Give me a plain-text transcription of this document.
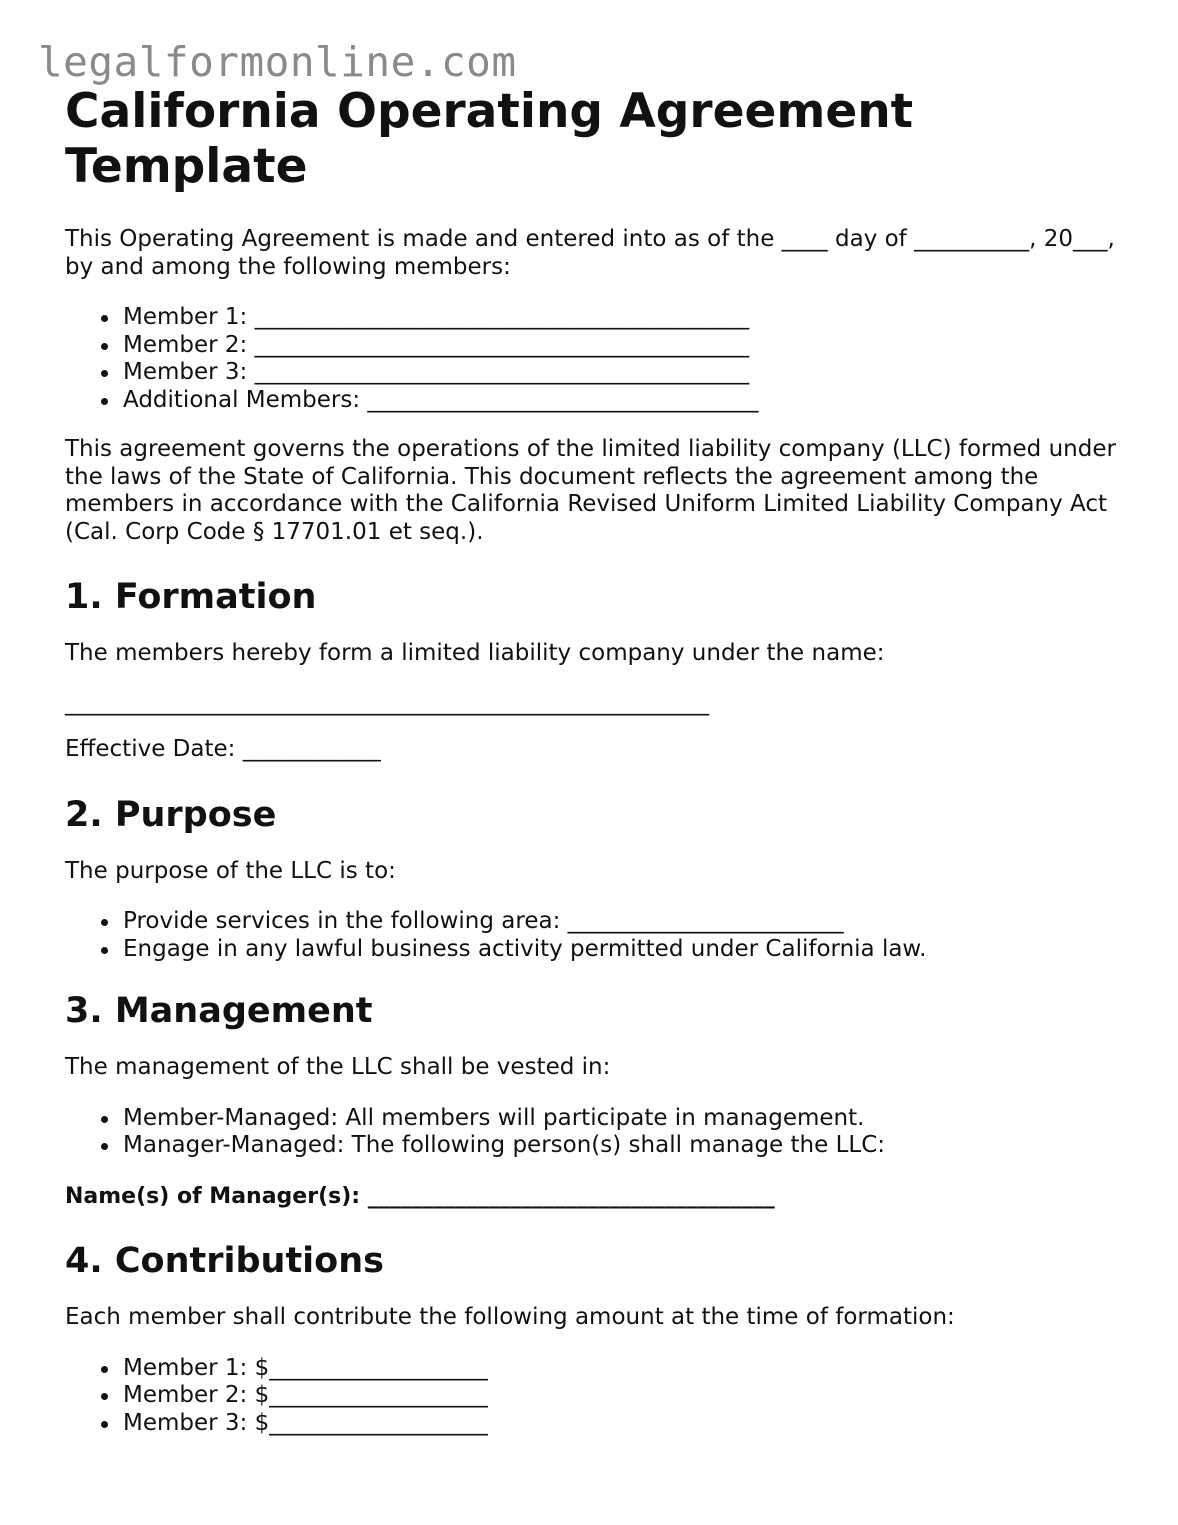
legalformonline.com
California Operating Agreement Template

This Operating Agreement is made and entered into as of the ____ day of __________, 20___, by and among the following members:

Member 1: ___________________________________________
Member 2: ___________________________________________
Member 3: ___________________________________________
Additional Members: __________________________________

This agreement governs the operations of the limited liability company (LLC) formed under the laws of the State of California. This document reflects the agreement among the members in accordance with the California Revised Uniform Limited Liability Company Act (Cal. Corp Code § 17701.01 et seq.).

1. Formation

The members hereby form a limited liability company under the name:

________________________________________________________

Effective Date: ____________

2. Purpose

The purpose of the LLC is to:

Provide services in the following area: ________________________
Engage in any lawful business activity permitted under California law.
3. Management

The management of the LLC shall be vested in:

Member-Managed: All members will participate in management.
Manager-Managed: The following person(s) shall manage the LLC:

Name(s) of Manager(s): _____________________________________

4. Contributions

Each member shall contribute the following amount at the time of formation:

Member 1: $___________________
Member 2: $___________________
Member 3: $___________________
